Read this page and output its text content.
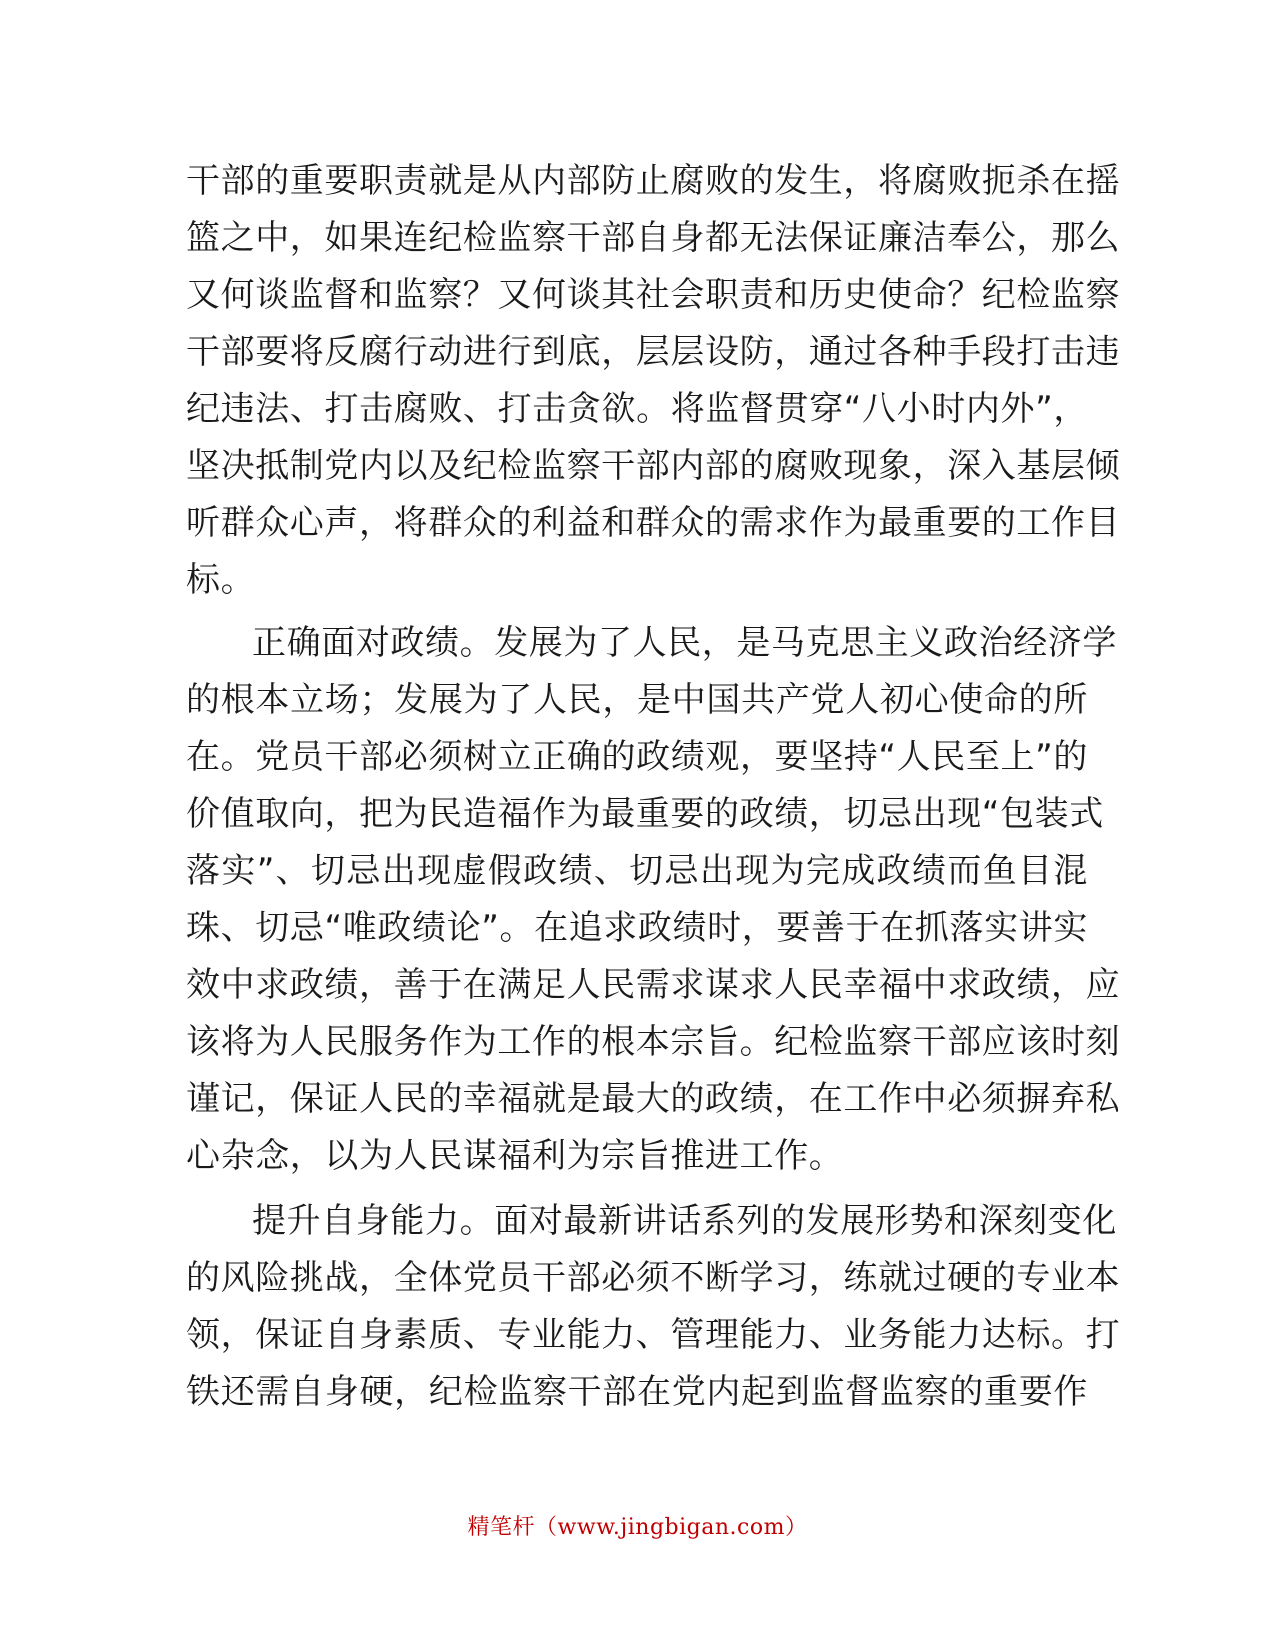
干部的重要职责就是从内部防止腐败的发生，将腐败扼杀在摇
篮之中，如果连纪检监察干部自身都无法保证廉洁奉公，那么
又何谈监督和监察？又何谈其社会职责和历史使命？纪检监察
干部要将反腐行动进行到底，层层设防，通过各种手段打击违
纪违法、打击腐败、打击贪欲。将监督贯穿“八小时内外”，
坚决抵制党内以及纪检监察干部内部的腐败现象，深入基层倾
听群众心声，将群众的利益和群众的需求作为最重要的工作目
标。
正确面对政绩。发展为了人民，是马克思主义政治经济学
的根本立场；发展为了人民，是中国共产党人初心使命的所
在。党员干部必须树立正确的政绩观，要坚持“人民至上”的
价值取向，把为民造福作为最重要的政绩，切忌出现“包装式
落实”、切忌出现虚假政绩、切忌出现为完成政绩而鱼目混
珠、切忌“唯政绩论”。在追求政绩时，要善于在抓落实讲实
效中求政绩，善于在满足人民需求谋求人民幸福中求政绩，应
该将为人民服务作为工作的根本宗旨。纪检监察干部应该时刻
谨记，保证人民的幸福就是最大的政绩，在工作中必须摒弃私
心杂念，以为人民谋福利为宗旨推进工作。
提升自身能力。面对最新讲话系列的发展形势和深刻变化
的风险挑战，全体党员干部必须不断学习，练就过硬的专业本
领，保证自身素质、专业能力、管理能力、业务能力达标。打
铁还需自身硬，纪检监察干部在党内起到监督监察的重要作
精笔杆（www.jingbigan.com）
